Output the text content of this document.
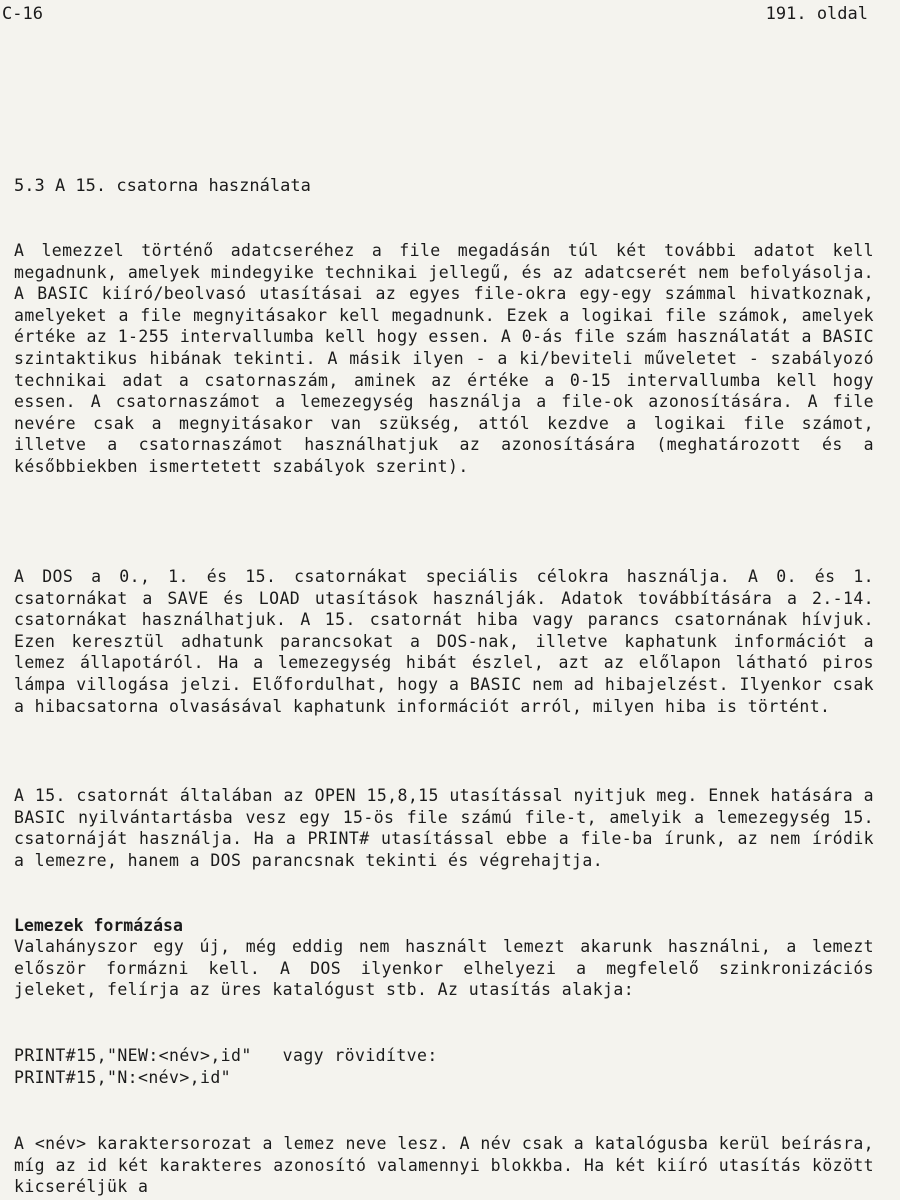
C-16	191. oldal
5.3 A 15. csatorna használata

A lemezzel történő adatcseréhez a file megadásán túl két további adatot kell megadnunk, amelyek mindegyike technikai jellegű, és az adatcserét nem befolyásolja. A BASIC kiíró/beolvasó utasításai az egyes file-okra egy-egy számmal hivatkoznak, amelyeket a file megnyitásakor kell megadnunk. Ezek a logikai file számok, amelyek értéke az 1-255 intervallumba kell hogy essen. A 0-ás file szám használatát a BASIC szintaktikus hibának tekinti. A másik ilyen - a ki/beviteli műveletet - szabályozó technikai adat a csatornaszám, aminek az értéke a 0-15 intervallumba kell hogy essen. A csatornaszámot a lemezegység használja a file-ok azonosítására. A file nevére csak a megnyitásakor van szükség, attól kezdve a logikai file számot, illetve a csatornaszámot használhatjuk az azonosítására (meghatározott és a későbbiekben ismertetett szabályok szerint).

A DOS a 0., 1. és 15. csatornákat speciális célokra használja. A 0. és 1. csatornákat a SAVE és LOAD utasítások használják. Adatok továbbítására a 2.-14. csatornákat használhatjuk. A 15. csatornát hiba vagy parancs csatornának hívjuk. Ezen keresztül adhatunk parancsokat a DOS-nak, illetve kaphatunk információt a lemez állapotáról. Ha a lemezegység hibát észlel, azt az előlapon látható piros lámpa villogása jelzi. Előfordulhat, hogy a BASIC nem ad hibajelzést. Ilyenkor csak a hibacsatorna olvasásával kaphatunk információt arról, milyen hiba is történt.

A 15. csatornát általában az OPEN 15,8,15 utasítással nyitjuk meg. Ennek hatására a BASIC nyilvántartásba vesz egy 15-ös file számú file-t, amelyik a lemezegység 15. csatornáját használja. Ha a PRINT# utasítással ebbe a file-ba írunk, az nem íródik a lemezre, hanem a DOS parancsnak tekinti és végrehajtja.

Lemezek formázása

Valahányszor egy új, még eddig nem használt lemezt akarunk használni, a lemezt először formázni kell. A DOS ilyenkor elhelyezi a megfelelő szinkronizációs jeleket, felírja az üres katalógust stb. Az utasítás alakja:

PRINT#15,"NEW:<név>,id"   vagy rövidítve:
PRINT#15,"N:<név>,id"

A <név> karaktersorozat a lemez neve lesz. A név csak a katalógusba kerül beírásra, míg az id két karakteres azonosító valamennyi blokkba. Ha két kiíró utasítás között kicseréljük a
